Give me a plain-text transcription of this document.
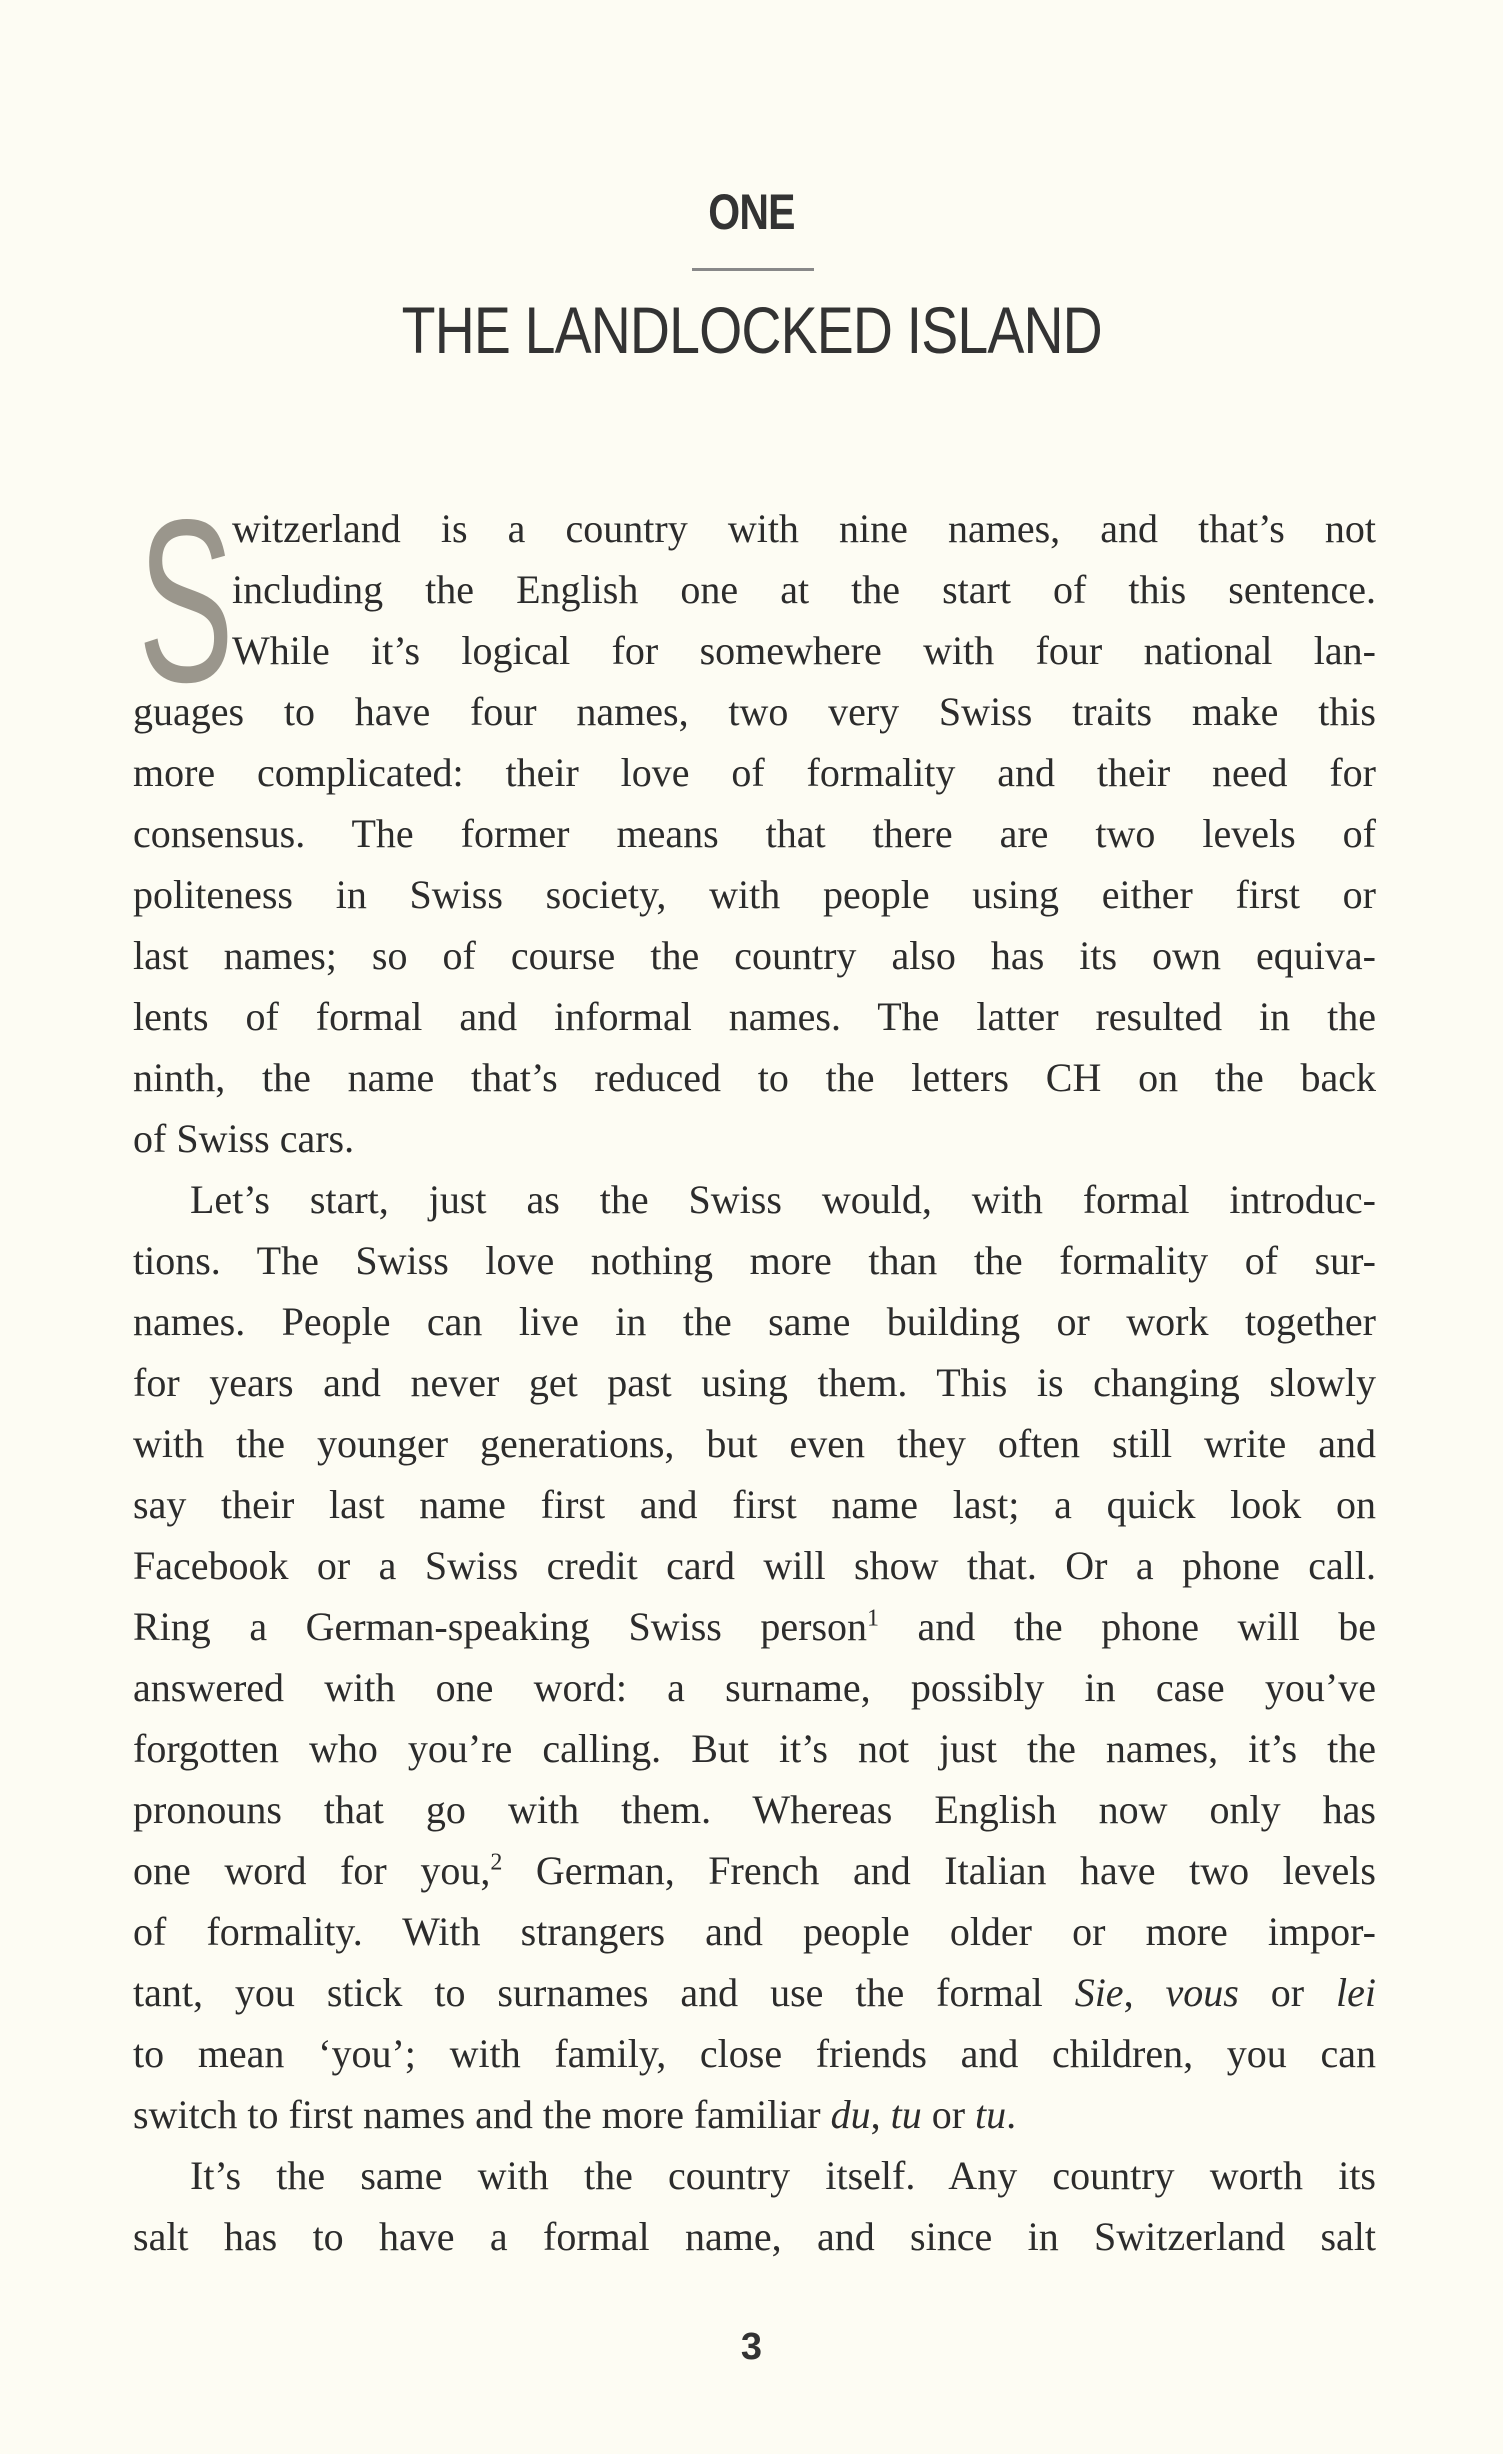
ONE
THE LANDLOCKED ISLAND
S
witzerland is a country with nine names, and that’s not
including the English one at the start of this sentence.
While it’s logical for somewhere with four national lan-
guages to have four names, two very Swiss traits make this
more complicated: their love of formality and their need for
consensus. The former means that there are two levels of
politeness in Swiss society, with people using either first or
last names; so of course the country also has its own equiva-
lents of formal and informal names. The latter resulted in the
ninth, the name that’s reduced to the letters CH on the back
of Swiss cars.
Let’s start, just as the Swiss would, with formal introduc-
tions. The Swiss love nothing more than the formality of sur-
names. People can live in the same building or work together
for years and never get past using them. This is changing slowly
with the younger generations, but even they often still write and
say their last name first and first name last; a quick look on
Facebook or a Swiss credit card will show that. Or a phone call.
Ring a German-speaking Swiss person$^1$ and the phone will be
answered with one word: a surname, possibly in case you’ve
forgotten who you’re calling. But it’s not just the names, it’s the
pronouns that go with them. Whereas English now only has
one word for you,$^2$ German, French and Italian have two levels
of formality. With strangers and people older or more impor-
tant, you stick to surnames and use the formal Sie, vous or lei
to mean ‘you’; with family, close friends and children, you can
switch to first names and the more familiar du, tu or tu.
It’s the same with the country itself. Any country worth its
salt has to have a formal name, and since in Switzerland salt
3
